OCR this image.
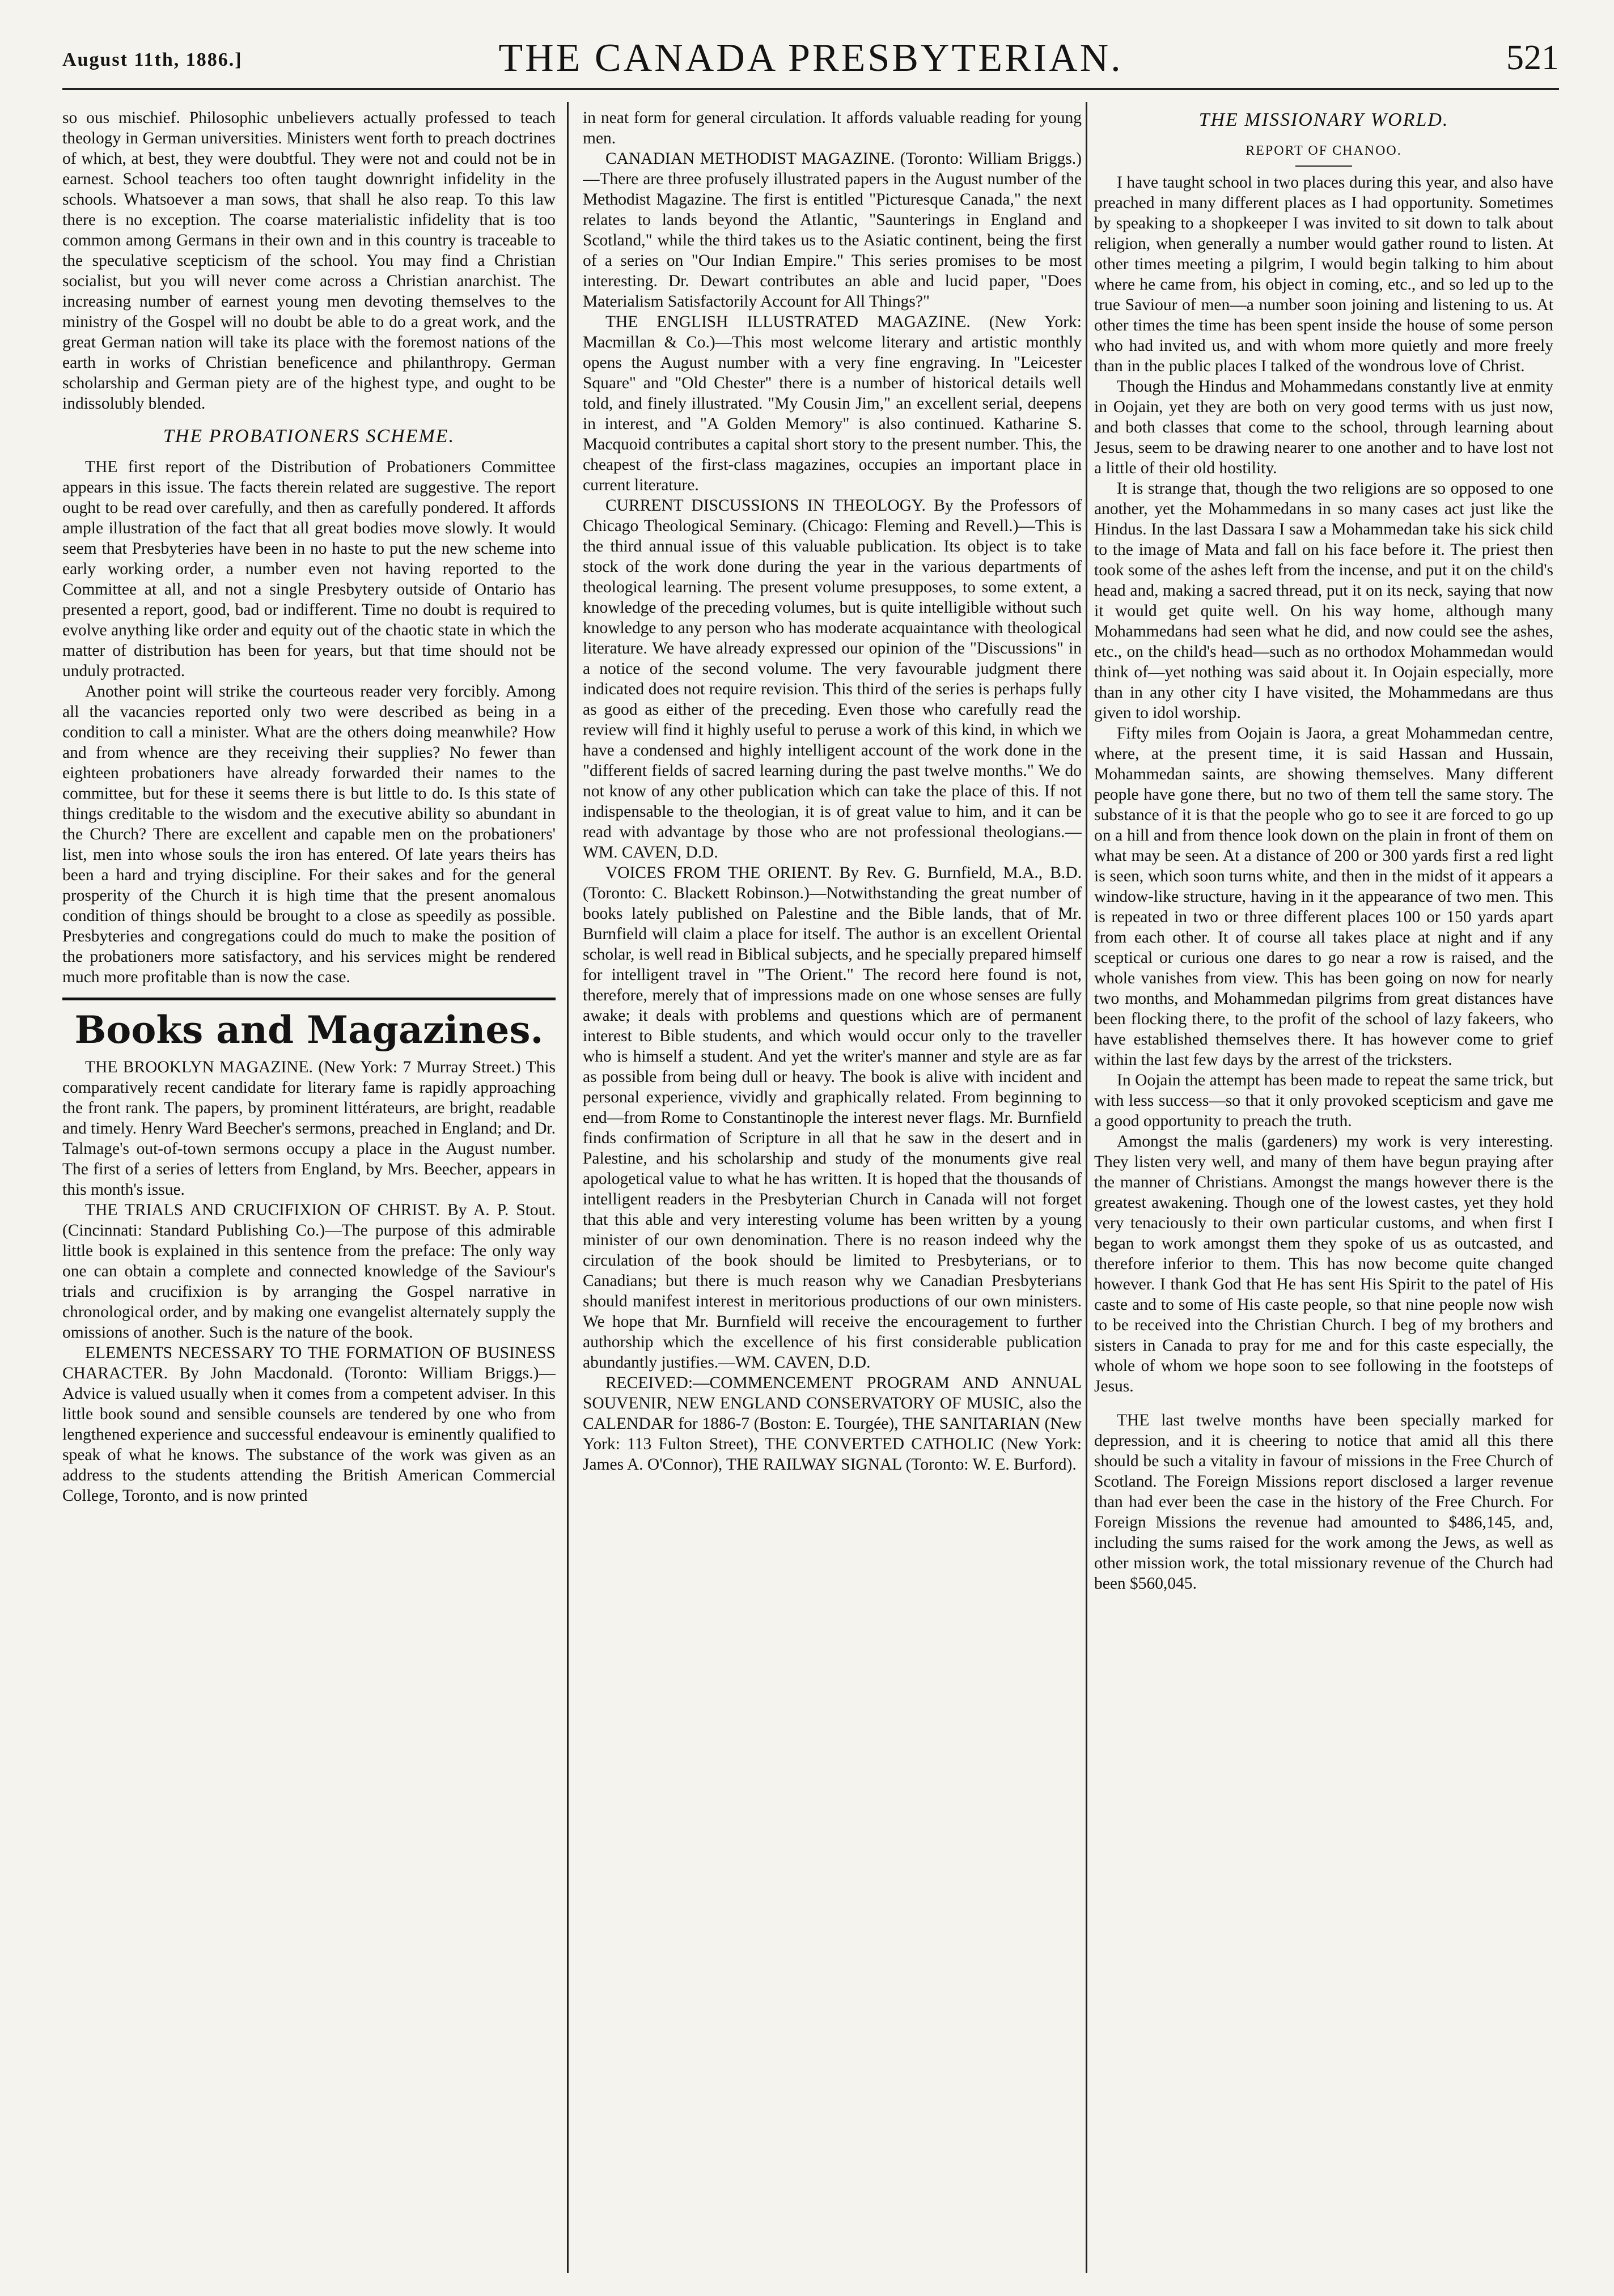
August 11th, 1886.]	THE CANADA PRESBYTERIAN.	521

so ous mischief. Philosophic unbelievers actually professed to teach theology in German universities. Ministers went forth to preach doctrines of which, at best, they were doubtful. They were not and could not be in earnest. School teachers too often taught downright infidelity in the schools. Whatsoever a man sows, that shall he also reap. To this law there is no exception. The coarse materialistic infidelity that is too common among Germans in their own and in this country is traceable to the speculative scepticism of the school. You may find a Christian socialist, but you will never come across a Christian anarchist. The increasing number of earnest young men devoting themselves to the ministry of the Gospel will no doubt be able to do a great work, and the great German nation will take its place with the foremost nations of the earth in works of Christian beneficence and philanthropy. German scholarship and German piety are of the highest type, and ought to be indissolubly blended.

THE PROBATIONERS SCHEME.

THE first report of the Distribution of Probationers Committee appears in this issue. The facts therein related are suggestive. The report ought to be read over carefully, and then as carefully pondered. It affords ample illustration of the fact that all great bodies move slowly. It would seem that Presbyteries have been in no haste to put the new scheme into early working order, a number even not having reported to the Committee at all, and not a single Presbytery outside of Ontario has presented a report, good, bad or indifferent. Time no doubt is required to evolve anything like order and equity out of the chaotic state in which the matter of distribution has been for years, but that time should not be unduly protracted.

Another point will strike the courteous reader very forcibly. Among all the vacancies reported only two were described as being in a condition to call a minister. What are the others doing meanwhile? How and from whence are they receiving their supplies? No fewer than eighteen probationers have already forwarded their names to the committee, but for these it seems there is but little to do. Is this state of things creditable to the wisdom and the executive ability so abundant in the Church? There are excellent and capable men on the probationers' list, men into whose souls the iron has entered. Of late years theirs has been a hard and trying discipline. For their sakes and for the general prosperity of the Church it is high time that the present anomalous condition of things should be brought to a close as speedily as possible. Presbyteries and congregations could do much to make the position of the probationers more satisfactory, and his services might be rendered much more profitable than is now the case.

Books and Magazines.

THE BROOKLYN MAGAZINE. (New York: 7 Murray Street.) This comparatively recent candidate for literary fame is rapidly approaching the front rank. The papers, by prominent littérateurs, are bright, readable and timely. Henry Ward Beecher's sermons, preached in England; and Dr. Talmage's out-of-town sermons occupy a place in the August number. The first of a series of letters from England, by Mrs. Beecher, appears in this month's issue.

THE TRIALS AND CRUCIFIXION OF CHRIST. By A. P. Stout. (Cincinnati: Standard Publishing Co.)—The purpose of this admirable little book is explained in this sentence from the preface: The only way one can obtain a complete and connected knowledge of the Saviour's trials and crucifixion is by arranging the Gospel narrative in chronological order, and by making one evangelist alternately supply the omissions of another. Such is the nature of the book.

ELEMENTS NECESSARY TO THE FORMATION OF BUSINESS CHARACTER. By John Macdonald. (Toronto: William Briggs.)—Advice is valued usually when it comes from a competent adviser. In this little book sound and sensible counsels are tendered by one who from lengthened experience and successful endeavour is eminently qualified to speak of what he knows. The substance of the work was given as an address to the students attending the British American Commercial College, Toronto, and is now printed

in neat form for general circulation. It affords valuable reading for young men.

CANADIAN METHODIST MAGAZINE. (Toronto: William Briggs.)—There are three profusely illustrated papers in the August number of the Methodist Magazine. The first is entitled "Picturesque Canada," the next relates to lands beyond the Atlantic, "Saunterings in England and Scotland," while the third takes us to the Asiatic continent, being the first of a series on "Our Indian Empire." This series promises to be most interesting. Dr. Dewart contributes an able and lucid paper, "Does Materialism Satisfactorily Account for All Things?"

THE ENGLISH ILLUSTRATED MAGAZINE. (New York: Macmillan & Co.)—This most welcome literary and artistic monthly opens the August number with a very fine engraving. In "Leicester Square" and "Old Chester" there is a number of historical details well told, and finely illustrated. "My Cousin Jim," an excellent serial, deepens in interest, and "A Golden Memory" is also continued. Katharine S. Macquoid contributes a capital short story to the present number. This, the cheapest of the first-class magazines, occupies an important place in current literature.

CURRENT DISCUSSIONS IN THEOLOGY. By the Professors of Chicago Theological Seminary. (Chicago: Fleming and Revell.)—This is the third annual issue of this valuable publication. Its object is to take stock of the work done during the year in the various departments of theological learning. The present volume presupposes, to some extent, a knowledge of the preceding volumes, but is quite intelligible without such knowledge to any person who has moderate acquaintance with theological literature. We have already expressed our opinion of the "Discussions" in a notice of the second volume. The very favourable judgment there indicated does not require revision. This third of the series is perhaps fully as good as either of the preceding. Even those who carefully read the review will find it highly useful to peruse a work of this kind, in which we have a condensed and highly intelligent account of the work done in the "different fields of sacred learning during the past twelve months." We do not know of any other publication which can take the place of this. If not indispensable to the theologian, it is of great value to him, and it can be read with advantage by those who are not professional theologians.—WM. CAVEN, D.D.

VOICES FROM THE ORIENT. By Rev. G. Burnfield, M.A., B.D. (Toronto: C. Blackett Robinson.)—Notwithstanding the great number of books lately published on Palestine and the Bible lands, that of Mr. Burnfield will claim a place for itself. The author is an excellent Oriental scholar, is well read in Biblical subjects, and he specially prepared himself for intelligent travel in "The Orient." The record here found is not, therefore, merely that of impressions made on one whose senses are fully awake; it deals with problems and questions which are of permanent interest to Bible students, and which would occur only to the traveller who is himself a student. And yet the writer's manner and style are as far as possible from being dull or heavy. The book is alive with incident and personal experience, vividly and graphically related. From beginning to end—from Rome to Constantinople the interest never flags. Mr. Burnfield finds confirmation of Scripture in all that he saw in the desert and in Palestine, and his scholarship and study of the monuments give real apologetical value to what he has written. It is hoped that the thousands of intelligent readers in the Presbyterian Church in Canada will not forget that this able and very interesting volume has been written by a young minister of our own denomination. There is no reason indeed why the circulation of the book should be limited to Presbyterians, or to Canadians; but there is much reason why we Canadian Presbyterians should manifest interest in meritorious productions of our own ministers. We hope that Mr. Burnfield will receive the encouragement to further authorship which the excellence of his first considerable publication abundantly justifies.—WM. CAVEN, D.D.

RECEIVED:—COMMENCEMENT PROGRAM AND ANNUAL SOUVENIR, NEW ENGLAND CONSERVATORY OF MUSIC, also the CALENDAR for 1886-7 (Boston: E. Tourgée), THE SANITARIAN (New York: 113 Fulton Street), THE CONVERTED CATHOLIC (New York: James A. O'Connor), THE RAILWAY SIGNAL (Toronto: W. E. Burford).

THE MISSIONARY WORLD.
REPORT OF CHANOO.

I have taught school in two places during this year, and also have preached in many different places as I had opportunity. Sometimes by speaking to a shopkeeper I was invited to sit down to talk about religion, when generally a number would gather round to listen. At other times meeting a pilgrim, I would begin talking to him about where he came from, his object in coming, etc., and so led up to the true Saviour of men—a number soon joining and listening to us. At other times the time has been spent inside the house of some person who had invited us, and with whom more quietly and more freely than in the public places I talked of the wondrous love of Christ.

Though the Hindus and Mohammedans constantly live at enmity in Oojain, yet they are both on very good terms with us just now, and both classes that come to the school, through learning about Jesus, seem to be drawing nearer to one another and to have lost not a little of their old hostility.

It is strange that, though the two religions are so opposed to one another, yet the Mohammedans in so many cases act just like the Hindus. In the last Dassara I saw a Mohammedan take his sick child to the image of Mata and fall on his face before it. The priest then took some of the ashes left from the incense, and put it on the child's head and, making a sacred thread, put it on its neck, saying that now it would get quite well. On his way home, although many Mohammedans had seen what he did, and now could see the ashes, etc., on the child's head—such as no orthodox Mohammedan would think of—yet nothing was said about it. In Oojain especially, more than in any other city I have visited, the Mohammedans are thus given to idol worship.

Fifty miles from Oojain is Jaora, a great Mohammedan centre, where, at the present time, it is said Hassan and Hussain, Mohammedan saints, are showing themselves. Many different people have gone there, but no two of them tell the same story. The substance of it is that the people who go to see it are forced to go up on a hill and from thence look down on the plain in front of them on what may be seen. At a distance of 200 or 300 yards first a red light is seen, which soon turns white, and then in the midst of it appears a window-like structure, having in it the appearance of two men. This is repeated in two or three different places 100 or 150 yards apart from each other. It of course all takes place at night and if any sceptical or curious one dares to go near a row is raised, and the whole vanishes from view. This has been going on now for nearly two months, and Mohammedan pilgrims from great distances have been flocking there, to the profit of the school of lazy fakeers, who have established themselves there. It has however come to grief within the last few days by the arrest of the tricksters.

In Oojain the attempt has been made to repeat the same trick, but with less success—so that it only provoked scepticism and gave me a good opportunity to preach the truth.

Amongst the malis (gardeners) my work is very interesting. They listen very well, and many of them have begun praying after the manner of Christians. Amongst the mangs however there is the greatest awakening. Though one of the lowest castes, yet they hold very tenaciously to their own particular customs, and when first I began to work amongst them they spoke of us as outcasted, and therefore inferior to them. This has now become quite changed however. I thank God that He has sent His Spirit to the patel of His caste and to some of His caste people, so that nine people now wish to be received into the Christian Church. I beg of my brothers and sisters in Canada to pray for me and for this caste especially, the whole of whom we hope soon to see following in the footsteps of Jesus.

THE last twelve months have been specially marked for depression, and it is cheering to notice that amid all this there should be such a vitality in favour of missions in the Free Church of Scotland. The Foreign Missions report disclosed a larger revenue than had ever been the case in the history of the Free Church. For Foreign Missions the revenue had amounted to $486,145, and, including the sums raised for the work among the Jews, as well as other mission work, the total missionary revenue of the Church had been $560,045.
